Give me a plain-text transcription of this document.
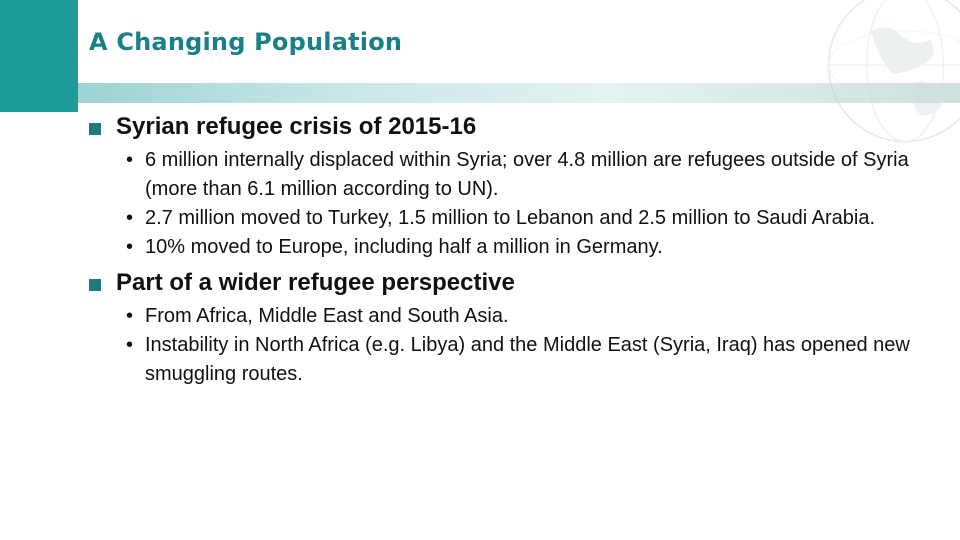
A Changing Population
Syrian refugee crisis of 2015-16
• 6 million internally displaced within Syria; over 4.8 million are refugees outside of Syria (more than 6.1 million according to UN).
• 2.7 million moved to Turkey, 1.5 million to Lebanon and 2.5 million to Saudi Arabia.
• 10% moved to Europe, including half a million in Germany.
Part of a wider refugee perspective
• From Africa, Middle East and South Asia.
• Instability in North Africa (e.g. Libya) and the Middle East (Syria, Iraq) has opened new smuggling routes.
